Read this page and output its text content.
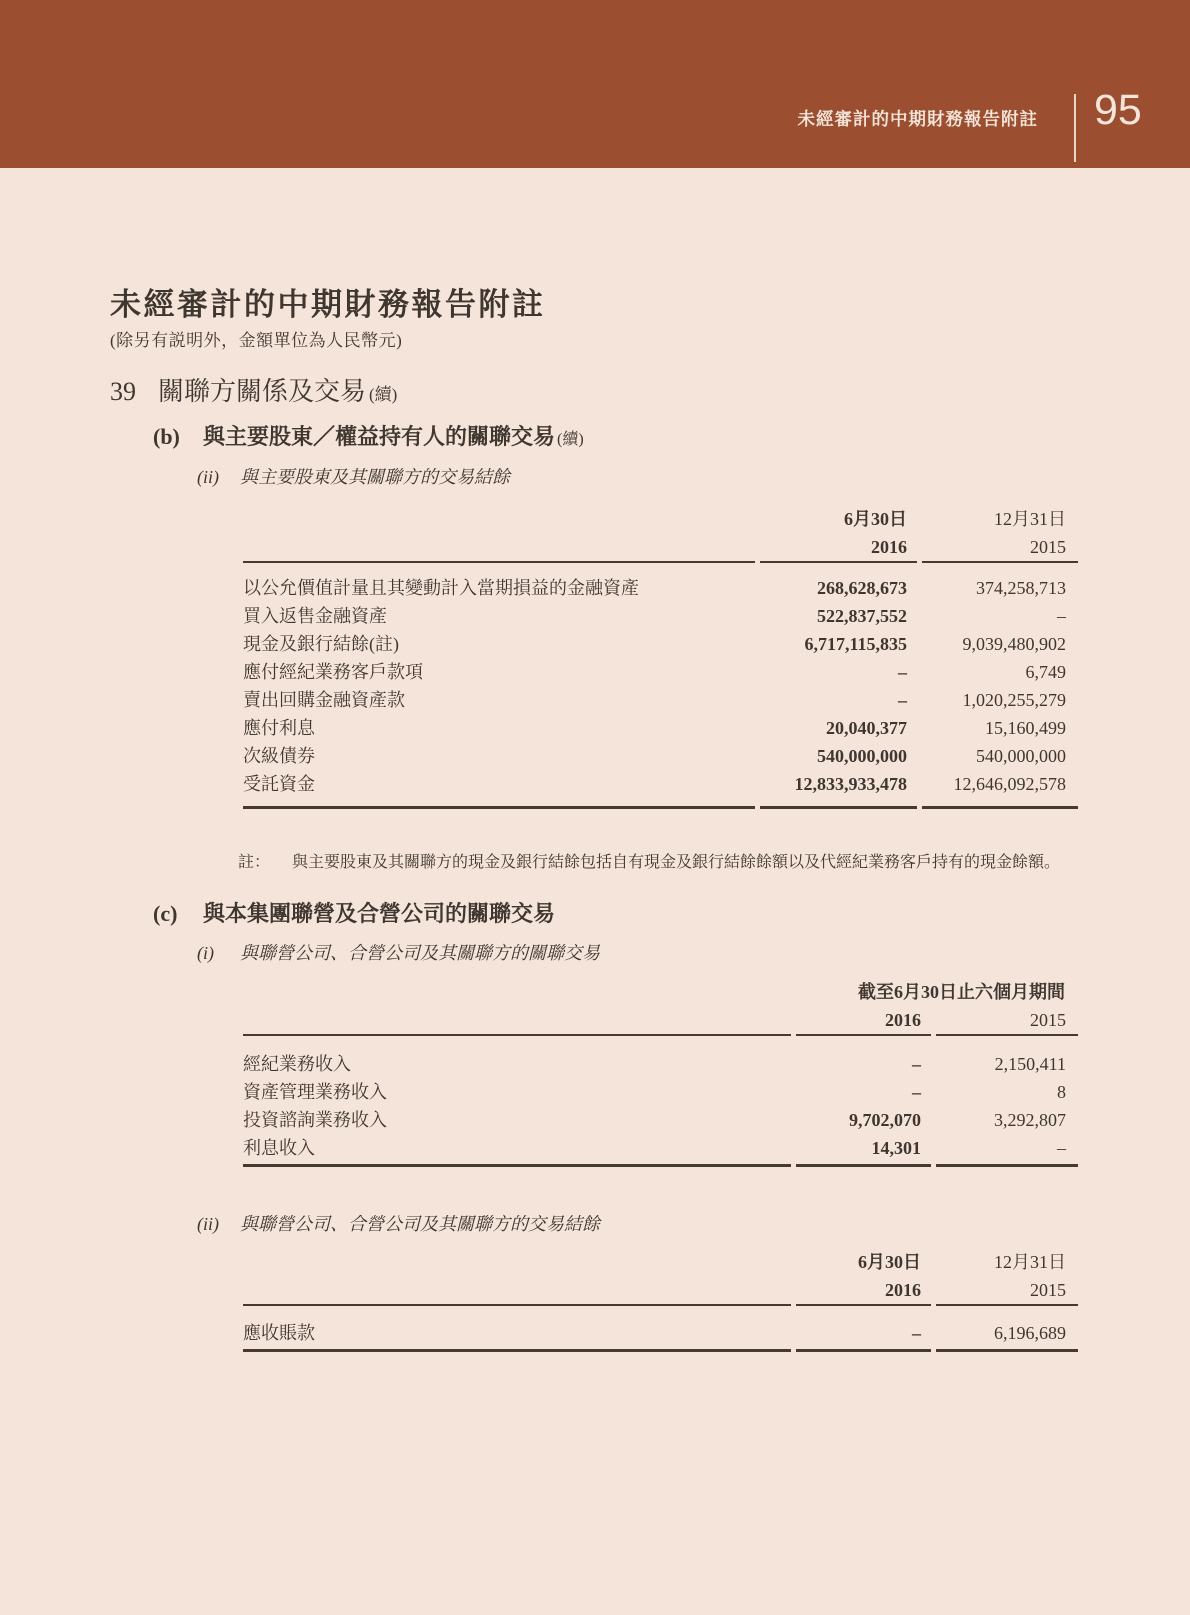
未經審計的中期財務報告附註 95
未經審計的中期財務報告附註
(除另有説明外，金額單位為人民幣元)
39 關聯方關係及交易 (續)
(b) 與主要股東／權益持有人的關聯交易 (續)
(ii) 與主要股東及其關聯方的交易結餘
6月30日	12月31日
2016	2015
以公允價值計量且其變動計入當期損益的金融資產	268,628,673	374,258,713
買入返售金融資產	522,837,552	–
現金及銀行結餘(註)	6,717,115,835	9,039,480,902
應付經紀業務客戶款項	–	6,749
賣出回購金融資產款	–	1,020,255,279
應付利息	20,040,377	15,160,499
次級債券	540,000,000	540,000,000
受託資金	12,833,933,478	12,646,092,578
註： 與主要股東及其關聯方的現金及銀行結餘包括自有現金及銀行結餘餘額以及代經紀業務客戶持有的現金餘額。
(c) 與本集團聯營及合營公司的關聯交易
(i) 與聯營公司、合營公司及其關聯方的關聯交易
截至6月30日止六個月期間
2016	2015
經紀業務收入	–	2,150,411
資產管理業務收入	–	8
投資諮詢業務收入	9,702,070	3,292,807
利息收入	14,301	–
(ii) 與聯營公司、合營公司及其關聯方的交易結餘
6月30日	12月31日
2016	2015
應收賬款	–	6,196,689
